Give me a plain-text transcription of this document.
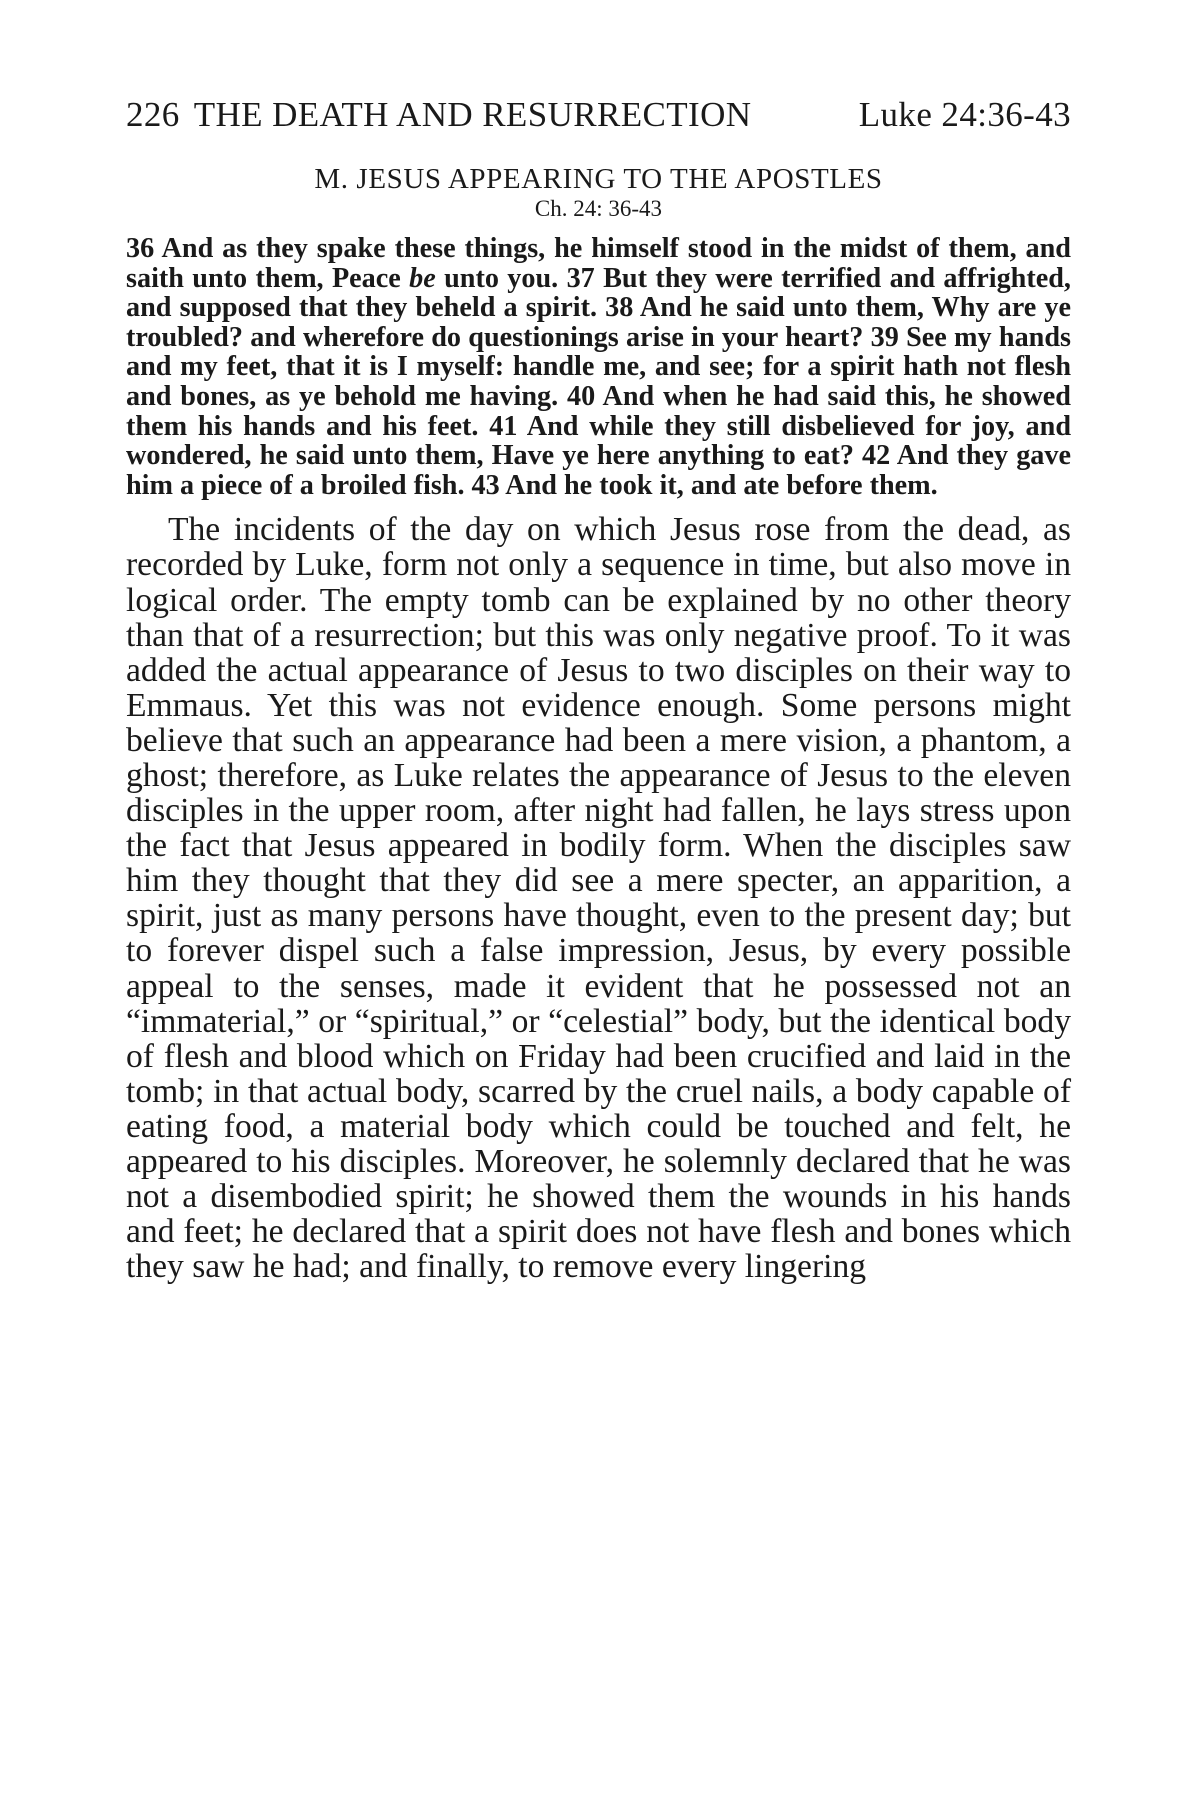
226 THE DEATH AND RESURRECTION	Luke 24:36-43

M. JESUS APPEARING TO THE APOSTLES

Ch. 24: 36-43

36 And as they spake these things, he himself stood in the midst of them, and saith unto them, Peace be unto you. 37 But they were terrified and affrighted, and supposed that they beheld a spirit. 38 And he said unto them, Why are ye troubled? and wherefore do questionings arise in your heart? 39 See my hands and my feet, that it is I myself: handle me, and see; for a spirit hath not flesh and bones, as ye behold me having. 40 And when he had said this, he showed them his hands and his feet. 41 And while they still disbelieved for joy, and wondered, he said unto them, Have ye here anything to eat? 42 And they gave him a piece of a broiled fish. 43 And he took it, and ate before them.

The incidents of the day on which Jesus rose from the dead, as recorded by Luke, form not only a sequence in time, but also move in logical order. The empty tomb can be explained by no other theory than that of a resurrection; but this was only negative proof. To it was added the actual appearance of Jesus to two disciples on their way to Emmaus. Yet this was not evidence enough. Some persons might believe that such an appearance had been a mere vision, a phantom, a ghost; therefore, as Luke relates the appearance of Jesus to the eleven disciples in the upper room, after night had fallen, he lays stress upon the fact that Jesus appeared in bodily form. When the disciples saw him they thought that they did see a mere specter, an apparition, a spirit, just as many persons have thought, even to the present day; but to forever dispel such a false impression, Jesus, by every possible appeal to the senses, made it evident that he possessed not an “immaterial,” or “spiritual,” or “celestial” body, but the identical body of flesh and blood which on Friday had been crucified and laid in the tomb; in that actual body, scarred by the cruel nails, a body capable of eating food, a material body which could be touched and felt, he appeared to his disciples. Moreover, he solemnly declared that he was not a disembodied spirit; he showed them the wounds in his hands and feet; he declared that a spirit does not have flesh and bones which they saw he had; and finally, to remove every lingering
